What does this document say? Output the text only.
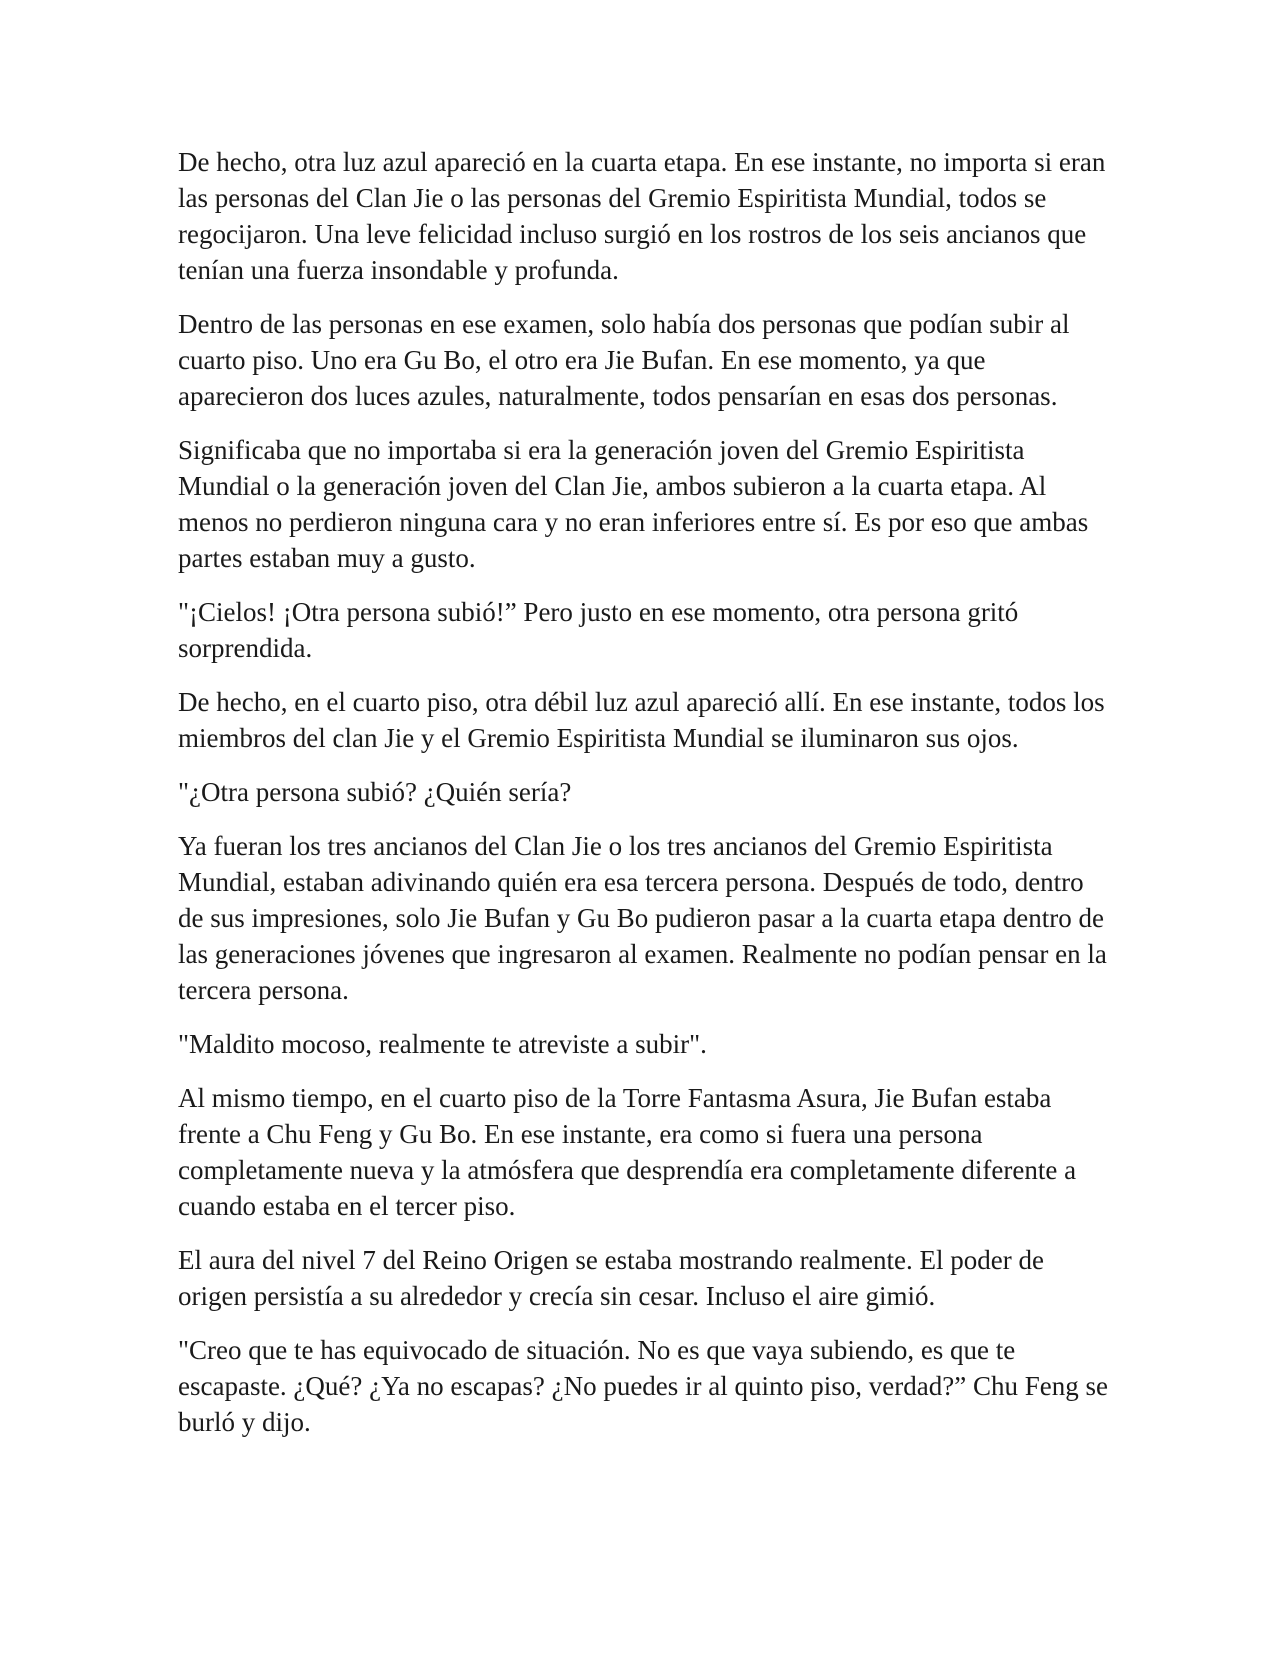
De hecho, otra luz azul apareció en la cuarta etapa. En ese instante, no importa si eran las personas del Clan Jie o las personas del Gremio Espiritista Mundial, todos se regocijaron. Una leve felicidad incluso surgió en los rostros de los seis ancianos que tenían una fuerza insondable y profunda.

Dentro de las personas en ese examen, solo había dos personas que podían subir al cuarto piso. Uno era Gu Bo, el otro era Jie Bufan. En ese momento, ya que aparecieron dos luces azules, naturalmente, todos pensarían en esas dos personas.

Significaba que no importaba si era la generación joven del Gremio Espiritista Mundial o la generación joven del Clan Jie, ambos subieron a la cuarta etapa. Al menos no perdieron ninguna cara y no eran inferiores entre sí. Es por eso que ambas partes estaban muy a gusto.

"¡Cielos! ¡Otra persona subió!” Pero justo en ese momento, otra persona gritó sorprendida.

De hecho, en el cuarto piso, otra débil luz azul apareció allí. En ese instante, todos los miembros del clan Jie y el Gremio Espiritista Mundial se iluminaron sus ojos.

"¿Otra persona subió? ¿Quién sería?

Ya fueran los tres ancianos del Clan Jie o los tres ancianos del Gremio Espiritista Mundial, estaban adivinando quién era esa tercera persona. Después de todo, dentro de sus impresiones, solo Jie Bufan y Gu Bo pudieron pasar a la cuarta etapa dentro de las generaciones jóvenes que ingresaron al examen. Realmente no podían pensar en la tercera persona.

"Maldito mocoso, realmente te atreviste a subir".

Al mismo tiempo, en el cuarto piso de la Torre Fantasma Asura, Jie Bufan estaba frente a Chu Feng y Gu Bo. En ese instante, era como si fuera una persona completamente nueva y la atmósfera que desprendía era completamente diferente a cuando estaba en el tercer piso.

El aura del nivel 7 del Reino Origen se estaba mostrando realmente. El poder de origen persistía a su alrededor y crecía sin cesar. Incluso el aire gimió.

"Creo que te has equivocado de situación. No es que vaya subiendo, es que te escapaste. ¿Qué? ¿Ya no escapas? ¿No puedes ir al quinto piso, verdad?” Chu Feng se burló y dijo.
